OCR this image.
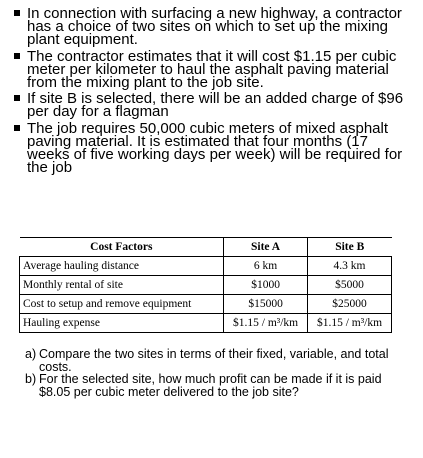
In connection with surfacing a new highway, a contractor has a choice of two sites on which to set up the mixing plant equipment.
The contractor estimates that it will cost $1.15 per cubic meter per kilometer to haul the asphalt paving material from the mixing plant to the job site.
If site B is selected, there will be an added charge of $96 per day for a flagman
The job requires 50,000 cubic meters of mixed asphalt paving material. It is estimated that four months (17 weeks of five working days per week) will be required for the job
Cost Factors	Site A	Site B
Average hauling distance	6 km	4.3 km
Monthly rental of site	$1000	$5000
Cost to setup and remove equipment	$15000	$25000
Hauling expense	$1.15 / m³/km	$1.15 / m³/km
a) Compare the two sites in terms of their fixed, variable, and total costs.
b) For the selected site, how much profit can be made if it is paid $8.05 per cubic meter delivered to the job site?
